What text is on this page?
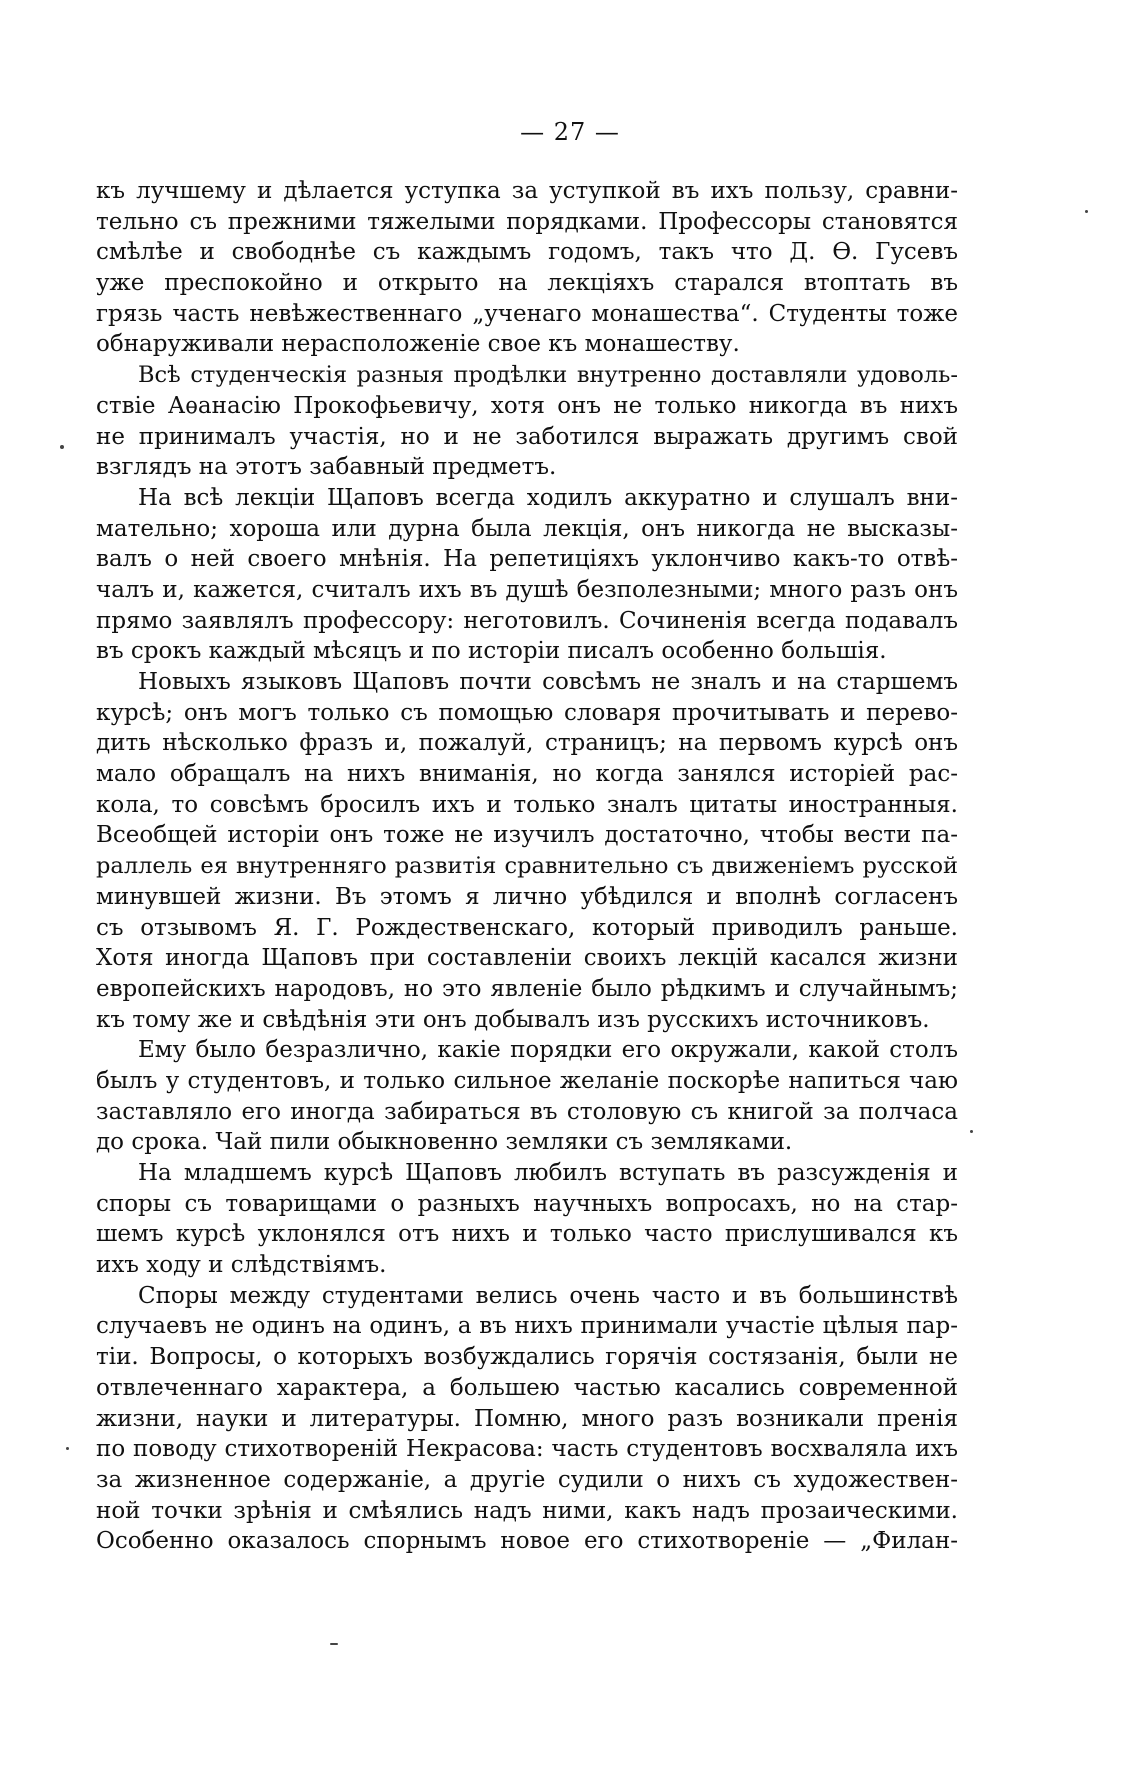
— 27 —
къ лучшему и дѣлается уступка за уступкой въ ихъ пользу, сравни-
тельно съ прежними тяжелыми порядками. Профессоры становятся
смѣлѣе и свободнѣе съ каждымъ годомъ, такъ что Д. Ѳ. Гусевъ
уже преспокойно и открыто на лекціяхъ старался втоптать въ
грязь часть невѣжественнаго „ученаго монашества“. Студенты тоже
обнаруживали нерасположеніе свое къ монашеству.
Всѣ студенческія разныя продѣлки внутренно доставляли удоволь-
ствіе Аѳанасію Прокофьевичу, хотя онъ не только никогда въ нихъ
не принималъ участія, но и не заботился выражать другимъ свой
взглядъ на этотъ забавный предметъ.
На всѣ лекціи Щаповъ всегда ходилъ аккуратно и слушалъ вни-
мательно; хороша или дурна была лекція, онъ никогда не высказы-
валъ о ней своего мнѣнія. На репетиціяхъ уклончиво какъ-то отвѣ-
чалъ и, кажется, считалъ ихъ въ душѣ безполезными; много разъ онъ
прямо заявлялъ профессору: неготовилъ. Сочиненія всегда подавалъ
въ срокъ каждый мѣсяцъ и по исторіи писалъ особенно большія.
Новыхъ языковъ Щаповъ почти совсѣмъ не зналъ и на старшемъ
курсѣ; онъ могъ только съ помощью словаря прочитывать и перево-
дить нѣсколько фразъ и, пожалуй, страницъ; на первомъ курсѣ онъ
мало обращалъ на нихъ вниманія, но когда занялся исторіей рас-
кола, то совсѣмъ бросилъ ихъ и только зналъ цитаты иностранныя.
Всеобщей исторіи онъ тоже не изучилъ достаточно, чтобы вести па-
раллель ея внутренняго развитія сравнительно съ движеніемъ русской
минувшей жизни. Въ этомъ я лично убѣдился и вполнѣ согласенъ
съ отзывомъ Я. Г. Рождественскаго, который приводилъ раньше.
Хотя иногда Щаповъ при составленіи своихъ лекцій касался жизни
европейскихъ народовъ, но это явленіе было рѣдкимъ и случайнымъ;
къ тому же и свѣдѣнія эти онъ добывалъ изъ русскихъ источниковъ.
Ему было безразлично, какіе порядки его окружали, какой столъ
былъ у студентовъ, и только сильное желаніе поскорѣе напиться чаю
заставляло его иногда забираться въ столовую съ книгой за полчаса
до срока. Чай пили обыкновенно земляки съ земляками.
На младшемъ курсѣ Щаповъ любилъ вступать въ разсужденія и
споры съ товарищами о разныхъ научныхъ вопросахъ, но на стар-
шемъ курсѣ уклонялся отъ нихъ и только часто прислушивался къ
ихъ ходу и слѣдствіямъ.
Споры между студентами велись очень часто и въ большинствѣ
случаевъ не одинъ на одинъ, а въ нихъ принимали участіе цѣлыя пар-
тіи. Вопросы, о которыхъ возбуждались горячія состязанія, были не
отвлеченнаго характера, а большею частью касались современной
жизни, науки и литературы. Помню, много разъ возникали пренія
по поводу стихотвореній Некрасова: часть студентовъ восхваляла ихъ
за жизненное содержаніе, а другіе судили о нихъ съ художествен-
ной точки зрѣнія и смѣялись надъ ними, какъ надъ прозаическими.
Особенно оказалось спорнымъ новое его стихотвореніе — „Филан-
